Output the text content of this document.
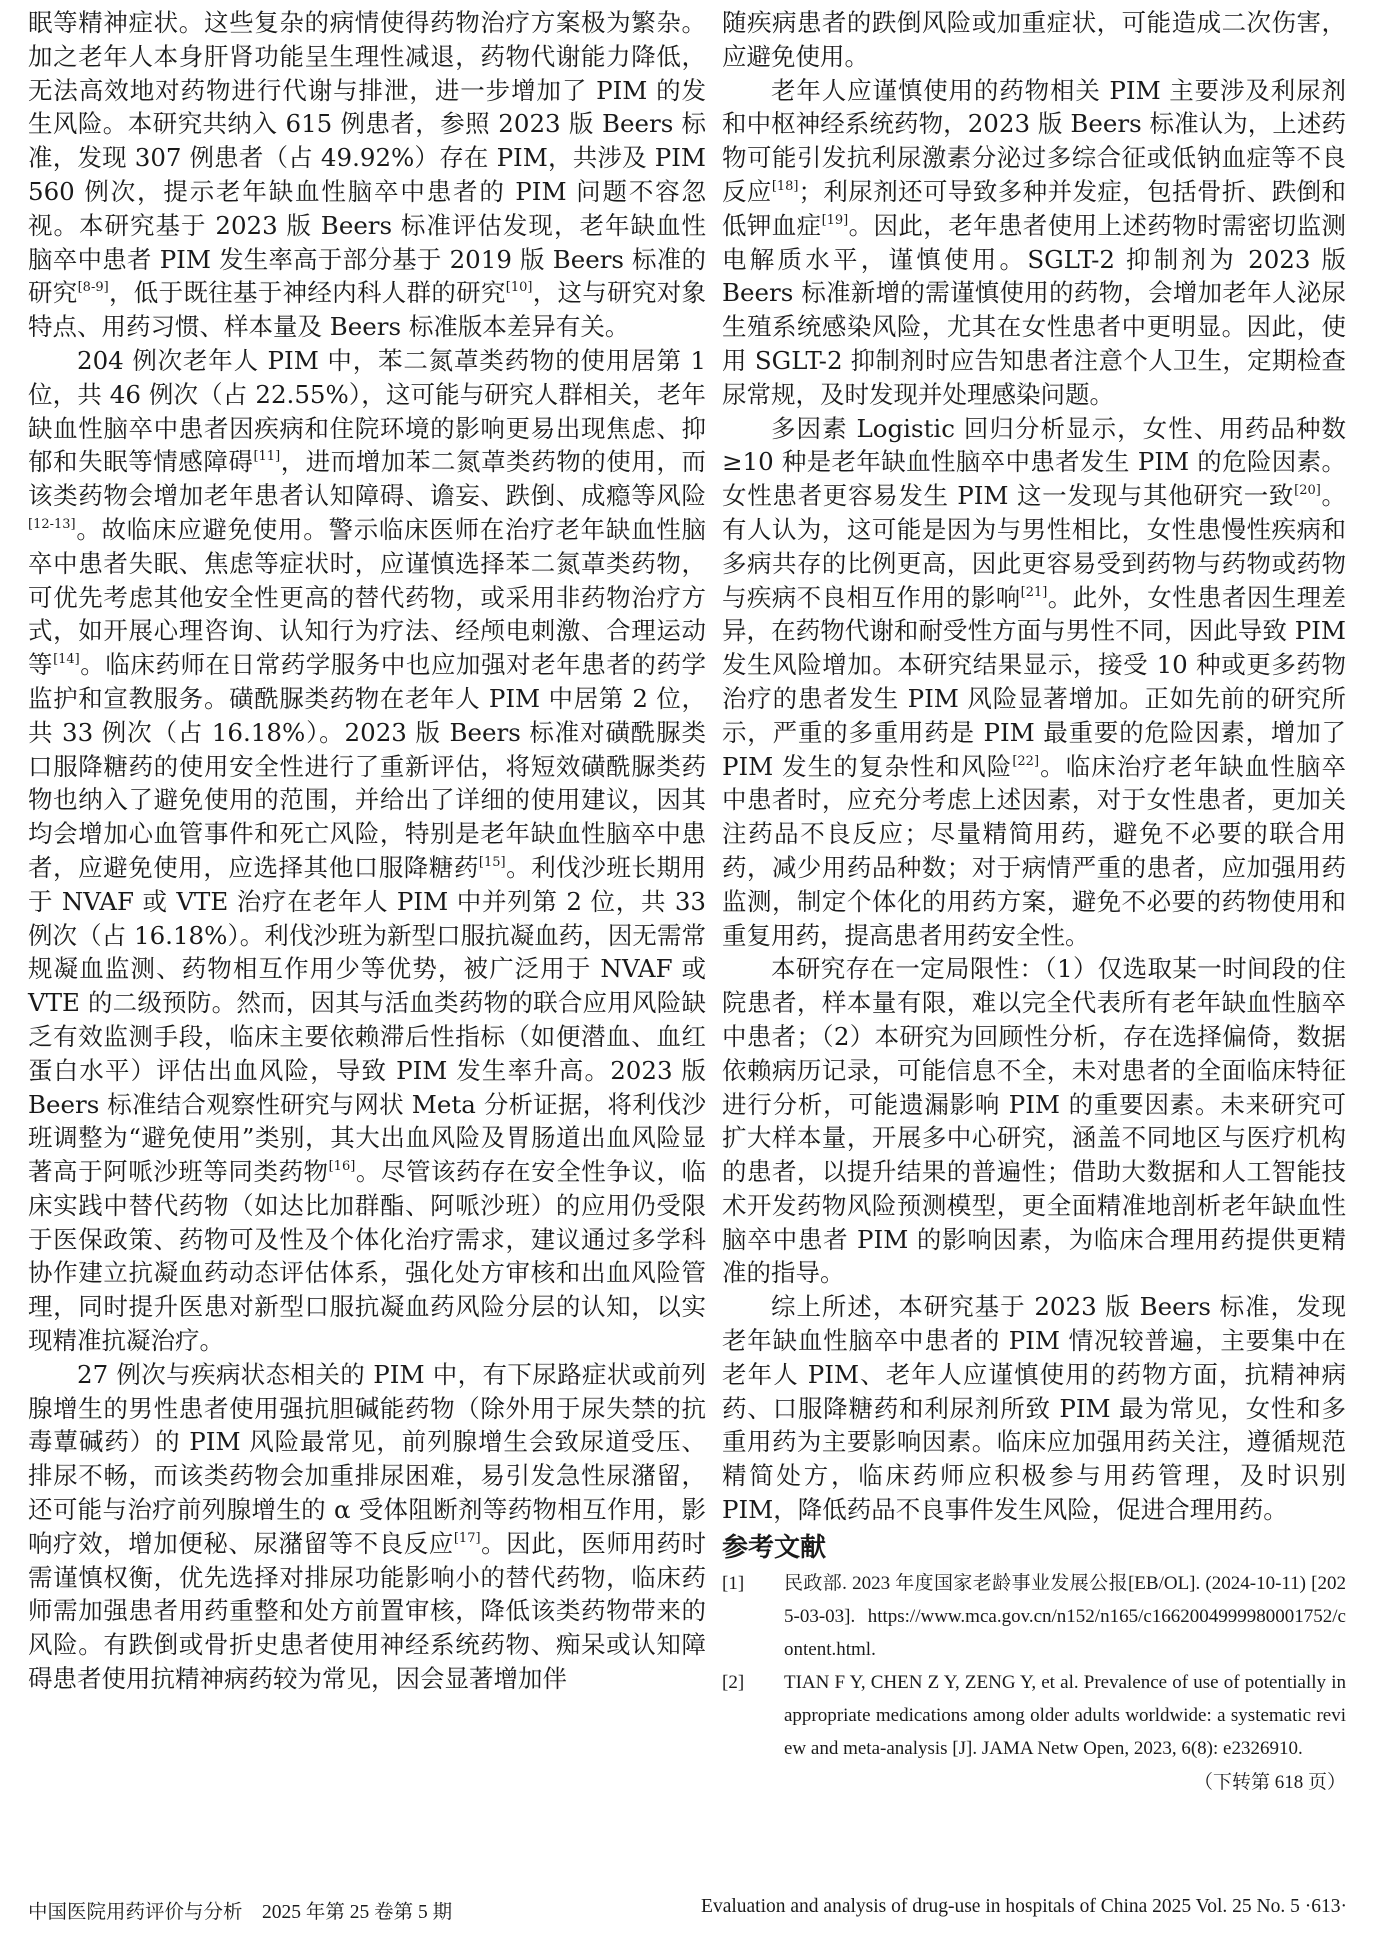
眠等精神症状。这些复杂的病情使得药物治疗方案极为繁杂。加之老年人本身肝肾功能呈生理性减退，药物代谢能力降低，无法高效地对药物进行代谢与排泄，进一步增加了 PIM 的发生风险。本研究共纳入 615 例患者，参照 2023 版 Beers 标准，发现 307 例患者（占 49.92%）存在 PIM，共涉及 PIM 560 例次，提示老年缺血性脑卒中患者的 PIM 问题不容忽视。本研究基于 2023 版 Beers 标准评估发现，老年缺血性脑卒中患者 PIM 发生率高于部分基于 2019 版 Beers 标准的研究[8-9]，低于既往基于神经内科人群的研究[10]，这与研究对象特点、用药习惯、样本量及 Beers 标准版本差异有关。

204 例次老年人 PIM 中，苯二氮䓬类药物的使用居第 1 位，共 46 例次（占 22.55%），这可能与研究人群相关，老年缺血性脑卒中患者因疾病和住院环境的影响更易出现焦虑、抑郁和失眠等情感障碍[11]，进而增加苯二氮䓬类药物的使用，而该类药物会增加老年患者认知障碍、谵妄、跌倒、成瘾等风险[12-13]。故临床应避免使用。警示临床医师在治疗老年缺血性脑卒中患者失眠、焦虑等症状时，应谨慎选择苯二氮䓬类药物，可优先考虑其他安全性更高的替代药物，或采用非药物治疗方式，如开展心理咨询、认知行为疗法、经颅电刺激、合理运动等[14]。临床药师在日常药学服务中也应加强对老年患者的药学监护和宣教服务。磺酰脲类药物在老年人 PIM 中居第 2 位，共 33 例次（占 16.18%）。2023 版 Beers 标准对磺酰脲类口服降糖药的使用安全性进行了重新评估，将短效磺酰脲类药物也纳入了避免使用的范围，并给出了详细的使用建议，因其均会增加心血管事件和死亡风险，特别是老年缺血性脑卒中患者，应避免使用，应选择其他口服降糖药[15]。利伐沙班长期用于 NVAF 或 VTE 治疗在老年人 PIM 中并列第 2 位，共 33 例次（占 16.18%）。利伐沙班为新型口服抗凝血药，因无需常规凝血监测、药物相互作用少等优势，被广泛用于 NVAF 或 VTE 的二级预防。然而，因其与活血类药物的联合应用风险缺乏有效监测手段，临床主要依赖滞后性指标（如便潜血、血红蛋白水平）评估出血风险，导致 PIM 发生率升高。2023 版 Beers 标准结合观察性研究与网状 Meta 分析证据，将利伐沙班调整为“避免使用”类别，其大出血风险及胃肠道出血风险显著高于阿哌沙班等同类药物[16]。尽管该药存在安全性争议，临床实践中替代药物（如达比加群酯、阿哌沙班）的应用仍受限于医保政策、药物可及性及个体化治疗需求，建议通过多学科协作建立抗凝血药动态评估体系，强化处方审核和出血风险管理，同时提升医患对新型口服抗凝血药风险分层的认知，以实现精准抗凝治疗。

27 例次与疾病状态相关的 PIM 中，有下尿路症状或前列腺增生的男性患者使用强抗胆碱能药物（除外用于尿失禁的抗毒蕈碱药）的 PIM 风险最常见，前列腺增生会致尿道受压、排尿不畅，而该类药物会加重排尿困难，易引发急性尿潴留，还可能与治疗前列腺增生的 α 受体阻断剂等药物相互作用，影响疗效，增加便秘、尿潴留等不良反应[17]。因此，医师用药时需谨慎权衡，优先选择对排尿功能影响小的替代药物，临床药师需加强患者用药重整和处方前置审核，降低该类药物带来的风险。有跌倒或骨折史患者使用神经系统药物、痴呆或认知障碍患者使用抗精神病药较为常见，因会显著增加伴

随疾病患者的跌倒风险或加重症状，可能造成二次伤害，应避免使用。

老年人应谨慎使用的药物相关 PIM 主要涉及利尿剂和中枢神经系统药物，2023 版 Beers 标准认为，上述药物可能引发抗利尿激素分泌过多综合征或低钠血症等不良反应[18]；利尿剂还可导致多种并发症，包括骨折、跌倒和低钾血症[19]。因此，老年患者使用上述药物时需密切监测电解质水平，谨慎使用。SGLT-2 抑制剂为 2023 版 Beers 标准新增的需谨慎使用的药物，会增加老年人泌尿生殖系统感染风险，尤其在女性患者中更明显。因此，使用 SGLT-2 抑制剂时应告知患者注意个人卫生，定期检查尿常规，及时发现并处理感染问题。

多因素 Logistic 回归分析显示，女性、用药品种数≥10 种是老年缺血性脑卒中患者发生 PIM 的危险因素。女性患者更容易发生 PIM 这一发现与其他研究一致[20]。有人认为，这可能是因为与男性相比，女性患慢性疾病和多病共存的比例更高，因此更容易受到药物与药物或药物与疾病不良相互作用的影响[21]。此外，女性患者因生理差异，在药物代谢和耐受性方面与男性不同，因此导致 PIM 发生风险增加。本研究结果显示，接受 10 种或更多药物治疗的患者发生 PIM 风险显著增加。正如先前的研究所示，严重的多重用药是 PIM 最重要的危险因素，增加了 PIM 发生的复杂性和风险[22]。临床治疗老年缺血性脑卒中患者时，应充分考虑上述因素，对于女性患者，更加关注药品不良反应；尽量精简用药，避免不必要的联合用药，减少用药品种数；对于病情严重的患者，应加强用药监测，制定个体化的用药方案，避免不必要的药物使用和重复用药，提高患者用药安全性。

本研究存在一定局限性：（1）仅选取某一时间段的住院患者，样本量有限，难以完全代表所有老年缺血性脑卒中患者；（2）本研究为回顾性分析，存在选择偏倚，数据依赖病历记录，可能信息不全，未对患者的全面临床特征进行分析，可能遗漏影响 PIM 的重要因素。未来研究可扩大样本量，开展多中心研究，涵盖不同地区与医疗机构的患者，以提升结果的普遍性；借助大数据和人工智能技术开发药物风险预测模型，更全面精准地剖析老年缺血性脑卒中患者 PIM 的影响因素，为临床合理用药提供更精准的指导。

综上所述，本研究基于 2023 版 Beers 标准，发现老年缺血性脑卒中患者的 PIM 情况较普遍，主要集中在老年人 PIM、老年人应谨慎使用的药物方面，抗精神病药、口服降糖药和利尿剂所致 PIM 最为常见，女性和多重用药为主要影响因素。临床应加强用药关注，遵循规范精简处方，临床药师应积极参与用药管理，及时识别 PIM，降低药品不良事件发生风险，促进合理用药。

参考文献
[1]	民政部. 2023 年度国家老龄事业发展公报[EB/OL]. (2024-10-11) [2025-03-03]. https://www.mca.gov.cn/n152/n165/c1662004999980001752/content.html.
[2]	TIAN F Y, CHEN Z Y, ZENG Y, et al. Prevalence of use of potentially inappropriate medications among older adults worldwide: a systematic review and meta-analysis [J]. JAMA Netw Open, 2023, 6(8): e2326910.
（下转第 618 页）
中国医院用药评价与分析　2025 年第 25 卷第 5 期	Evaluation and analysis of drug-use in hospitals of China 2025 Vol. 25 No. 5 ·613·
